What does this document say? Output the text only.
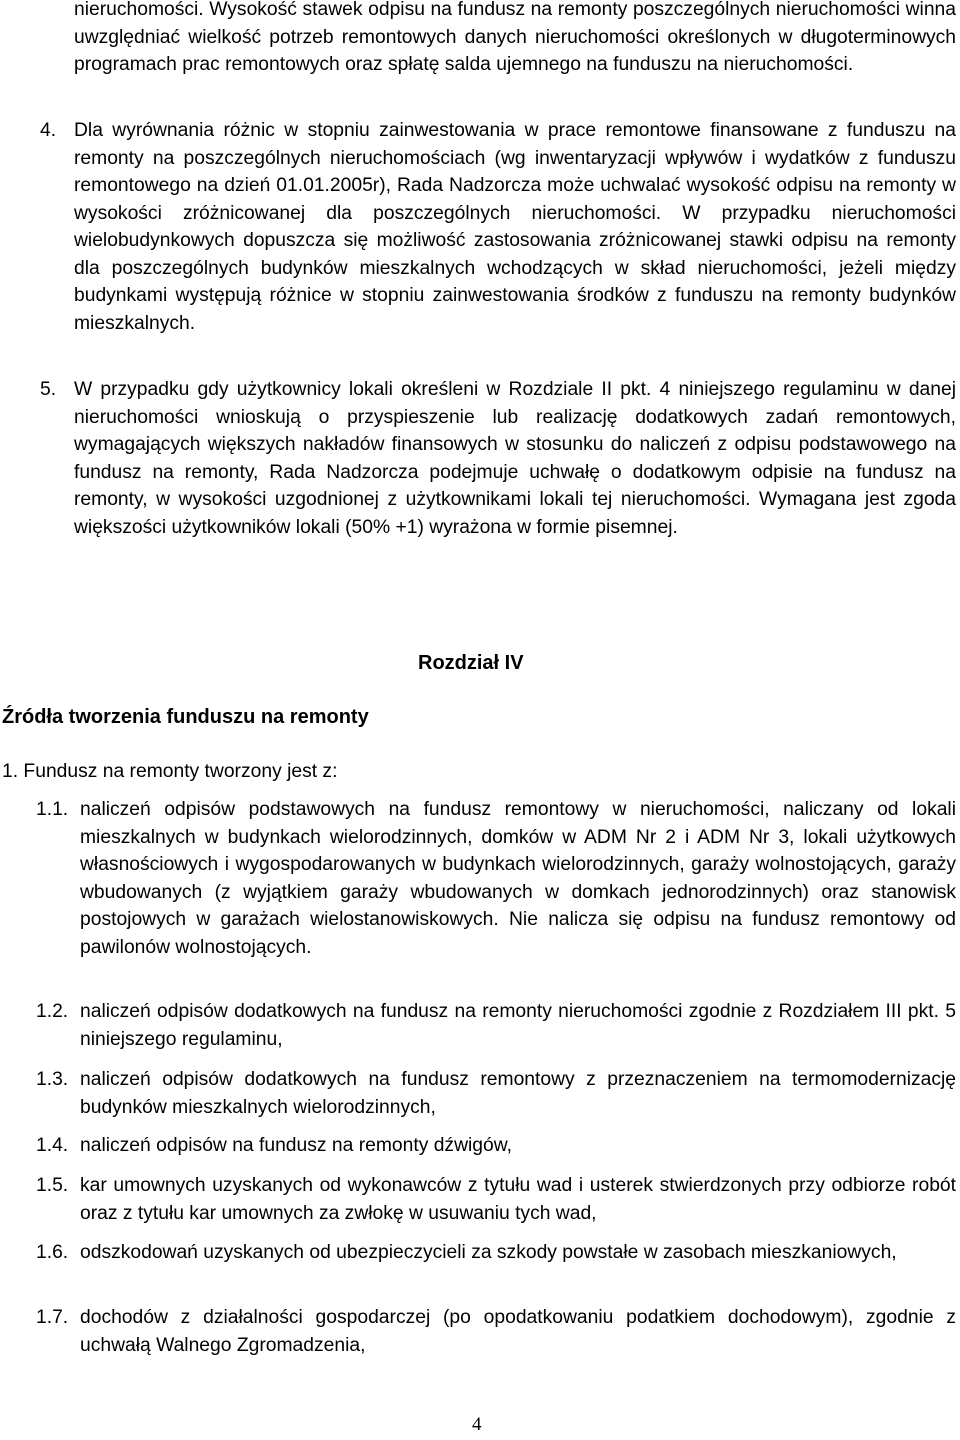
nieruchomości. Wysokość stawek odpisu na fundusz na remonty poszczególnych nieruchomości winna uwzględniać wielkość potrzeb remontowych danych nieruchomości określonych w długoterminowych programach prac remontowych oraz spłatę salda ujemnego na funduszu na nieruchomości.
4. Dla wyrównania różnic w stopniu zainwestowania w prace remontowe finansowane z funduszu na remonty na poszczególnych nieruchomościach (wg inwentaryzacji wpływów i wydatków z funduszu remontowego na dzień 01.01.2005r), Rada Nadzorcza może uchwalać wysokość odpisu na remonty w wysokości zróżnicowanej dla poszczególnych nieruchomości. W przypadku nieruchomości wielobudynkowych dopuszcza się możliwość zastosowania zróżnicowanej stawki odpisu na remonty dla poszczególnych budynków mieszkalnych wchodzących w skład nieruchomości, jeżeli między budynkami występują różnice w stopniu zainwestowania środków z funduszu na remonty budynków mieszkalnych.
5. W przypadku gdy użytkownicy lokali określeni w Rozdziale II pkt. 4 niniejszego regulaminu w danej nieruchomości wnioskują o przyspieszenie lub realizację dodatkowych zadań remontowych, wymagających większych nakładów finansowych w stosunku do naliczeń z odpisu podstawowego na fundusz na remonty, Rada Nadzorcza podejmuje uchwałę o dodatkowym odpisie na fundusz na remonty, w wysokości uzgodnionej z użytkownikami lokali tej nieruchomości. Wymagana jest zgoda większości użytkowników lokali (50% +1) wyrażona w formie pisemnej.
Rozdział IV
Źródła tworzenia funduszu na remonty
1. Fundusz na remonty tworzony jest z:
1.1. naliczeń odpisów podstawowych na fundusz remontowy w nieruchomości, naliczany od lokali mieszkalnych w budynkach wielorodzinnych, domków w ADM Nr 2 i ADM Nr 3, lokali użytkowych własnościowych i wygospodarowanych w budynkach wielorodzinnych, garaży wolnostojących, garaży wbudowanych (z wyjątkiem garaży wbudowanych w domkach jednorodzinnych) oraz stanowisk postojowych w garażach wielostanowiskowych. Nie nalicza się odpisu na fundusz remontowy od pawilonów wolnostojących.
1.2. naliczeń odpisów dodatkowych na fundusz na remonty nieruchomości zgodnie z Rozdziałem III pkt. 5 niniejszego regulaminu,
1.3. naliczeń odpisów dodatkowych na fundusz remontowy z przeznaczeniem na termomodernizację budynków mieszkalnych wielorodzinnych,
1.4. naliczeń odpisów na fundusz na remonty dźwigów,
1.5. kar umownych uzyskanych od wykonawców z tytułu wad i usterek stwierdzonych przy odbiorze robót oraz z tytułu kar umownych za zwłokę w usuwaniu tych wad,
1.6. odszkodowań uzyskanych od ubezpieczycieli za szkody powstałe w zasobach mieszkaniowych,
1.7. dochodów z działalności gospodarczej (po opodatkowaniu podatkiem dochodowym), zgodnie z uchwałą Walnego Zgromadzenia,
4
